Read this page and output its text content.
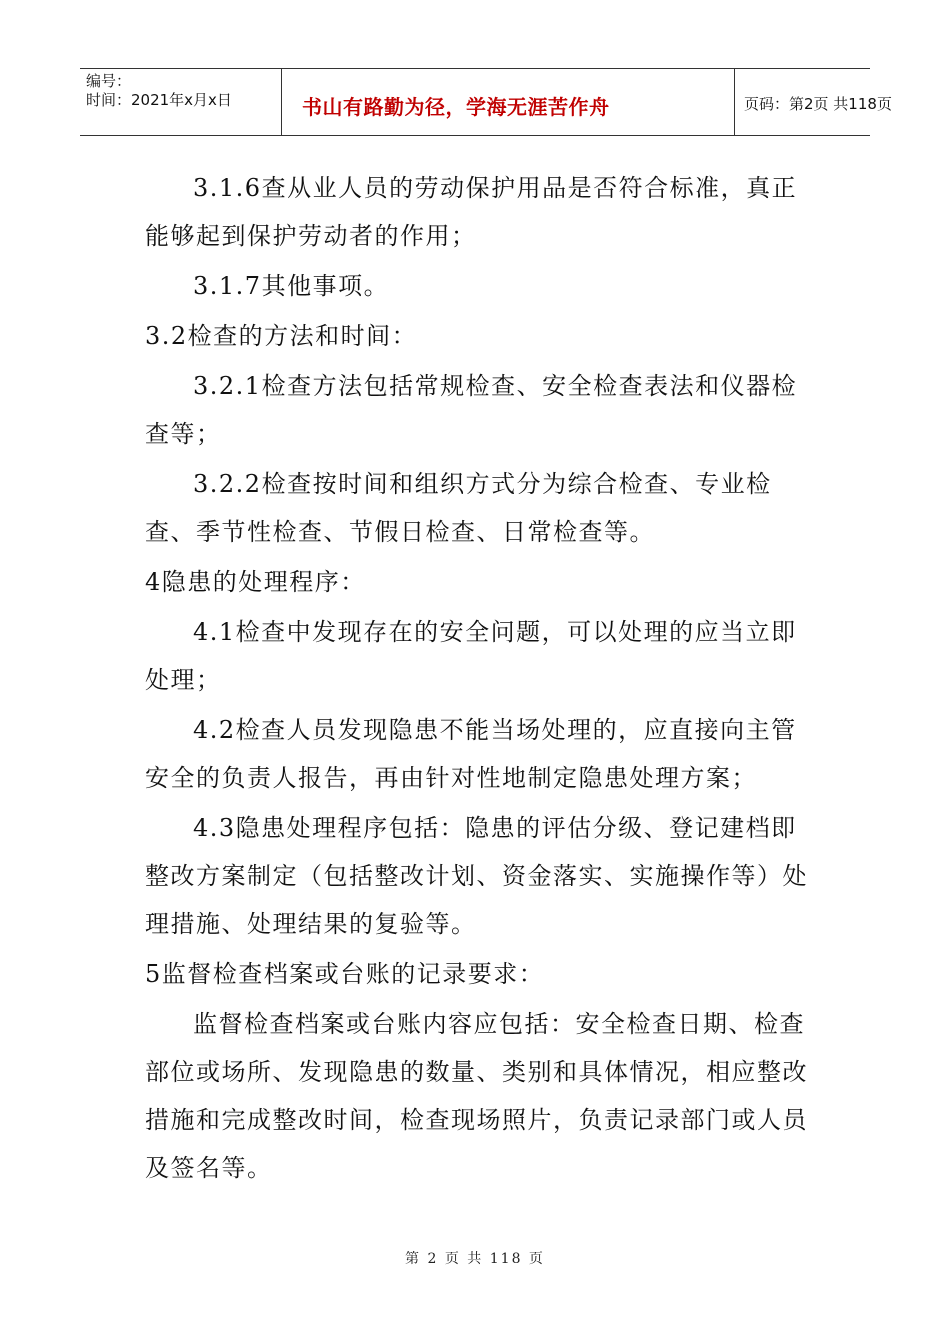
编号：
时间：2021年x月x日	书山有路勤为径，学海无涯苦作舟	页码：第2页 共118页

3.1.6查从业人员的劳动保护用品是否符合标准，真正能够起到保护劳动者的作用；

3.1.7其他事项。

3.2检查的方法和时间：

3.2.1检查方法包括常规检查、安全检查表法和仪器检查等；

3.2.2检查按时间和组织方式分为综合检查、专业检查、季节性检查、节假日检查、日常检查等。

4隐患的处理程序：

4.1检查中发现存在的安全问题，可以处理的应当立即处理；

4.2检查人员发现隐患不能当场处理的，应直接向主管安全的负责人报告，再由针对性地制定隐患处理方案；

4.3隐患处理程序包括：隐患的评估分级、登记建档即整改方案制定（包括整改计划、资金落实、实施操作等）处理措施、处理结果的复验等。

5监督检查档案或台账的记录要求：

监督检查档案或台账内容应包括：安全检查日期、检查部位或场所、发现隐患的数量、类别和具体情况，相应整改措施和完成整改时间，检查现场照片，负责记录部门或人员及签名等。

第 2 页 共 118 页
